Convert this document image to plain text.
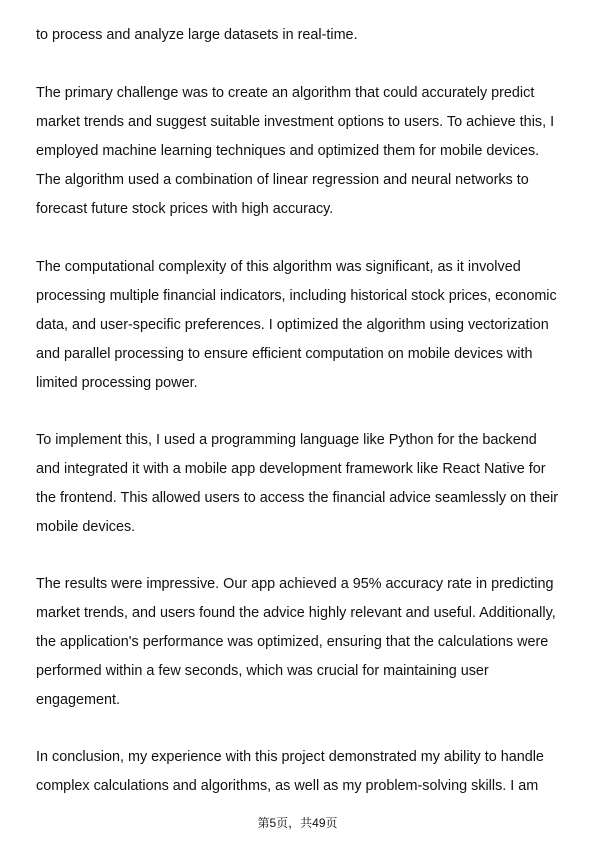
to process and analyze large datasets in real-time.
The primary challenge was to create an algorithm that could accurately predict
market trends and suggest suitable investment options to users. To achieve this, I
employed machine learning techniques and optimized them for mobile devices.
The algorithm used a combination of linear regression and neural networks to
forecast future stock prices with high accuracy.
The computational complexity of this algorithm was significant, as it involved
processing multiple financial indicators, including historical stock prices, economic
data, and user-specific preferences. I optimized the algorithm using vectorization
and parallel processing to ensure efficient computation on mobile devices with
limited processing power.
To implement this, I used a programming language like Python for the backend
and integrated it with a mobile app development framework like React Native for
the frontend. This allowed users to access the financial advice seamlessly on their
mobile devices.
The results were impressive. Our app achieved a 95% accuracy rate in predicting
market trends, and users found the advice highly relevant and useful. Additionally,
the application's performance was optimized, ensuring that the calculations were
performed within a few seconds, which was crucial for maintaining user
engagement.
In conclusion, my experience with this project demonstrated my ability to handle
complex calculations and algorithms, as well as my problem-solving skills. I am
第5页，共49页
